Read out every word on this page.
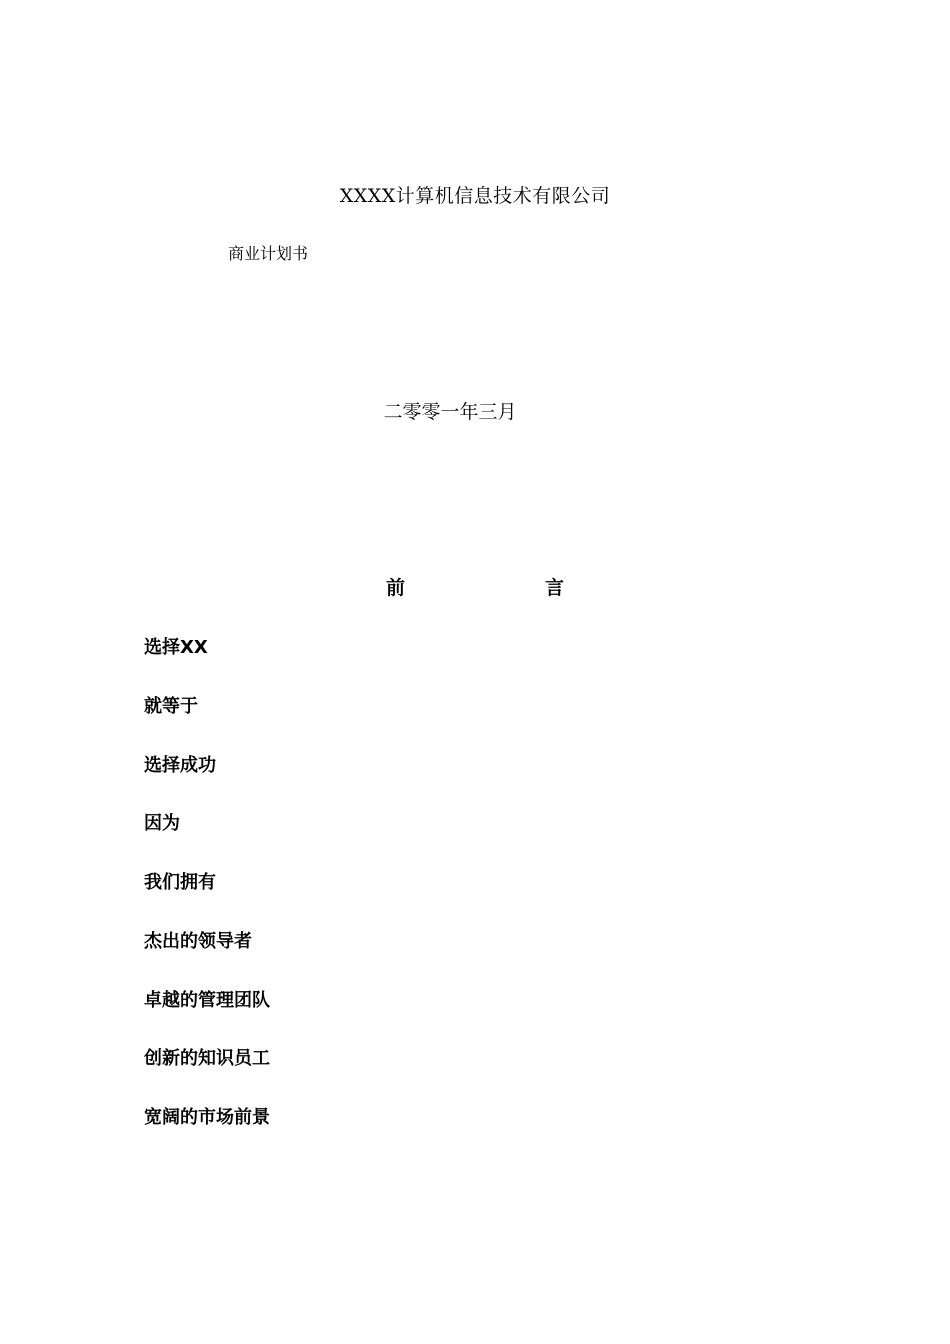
XXXX计算机信息技术有限公司
商业计划书
二零零一年三月
前	言
选择XX
就等于
选择成功
因为
我们拥有
杰出的领导者
卓越的管理团队
创新的知识员工
宽阔的市场前景
